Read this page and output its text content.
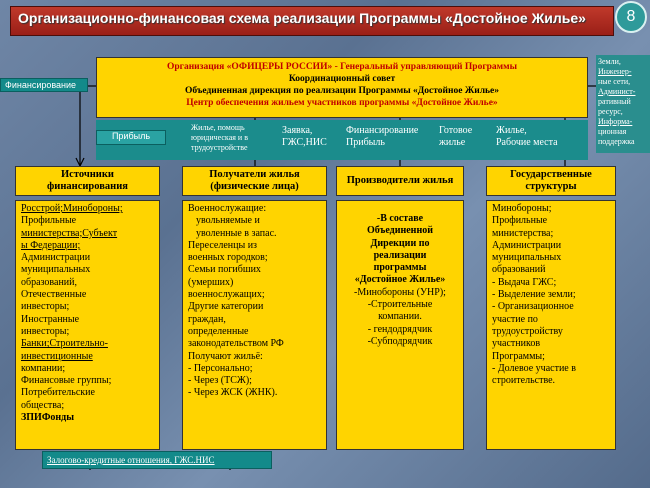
Организационно-финансовая схема реализации Программы «Достойное Жилье»	8
Финансирование
Организация «ОФИЦЕРЫ РОССИИ» - Генеральный управляющий Программы
Координационный совет
Объединенная дирекция по реализации Программы «Достойное Жилье»
Центр обеспечения жильем участников программы «Достойное Жилье»
Земли,
Инженер-
ные сети,
Админист-
ративный
ресурс,
Информа-
ционная
поддержка
Жилье, помощь
юридическая и в
трудоустройстве
Заявка,
ГЖС,НИС
Финансирование
Прибыль
Готовое
жилье
Жилье,
Рабочие места
Прибыль
Источники
финансирования
Росстрой;Минобороны;
Профильные
министерства;Субъект
ы Федерации;
Администрации
муниципальных
образований,
Отечественные
инвесторы;
Иностранные
инвесторы;
Банки;Строительно-
инвестиционные
компании;
Финансовые группы;
Потребительские
общества;
ЗПИФонды
Получатели жилья
(физические лица)
Военнослужащие:
увольняемые и
уволенные в запас.
Переселенцы из
военных городков;
Семьи погибших
(умерших)
военнослужащих;
Другие категории
граждан,
определенные
законодательством РФ
Получают жильё:
- Персонально;
- Через (ТСЖ);
- Через ЖСК (ЖНК).
Производители жилья
-В составе
Объединенной
Дирекции по
реализации
программы
«Достойное Жилье»
-Минобороны (УНР);
-Строительные
компании.
- гендодрядчик
-Субподрядчик
Государственные
структуры
Минобороны;
Профильные
министерства;
Администрации
муниципальных
образований
- Выдача ГЖС;
- Выделение земли;
- Организационное
участие по
трудоустройству
участников
Программы;
- Долевое участие в
строительстве.
Залогово-кредитные отношения, ГЖС.НИС
